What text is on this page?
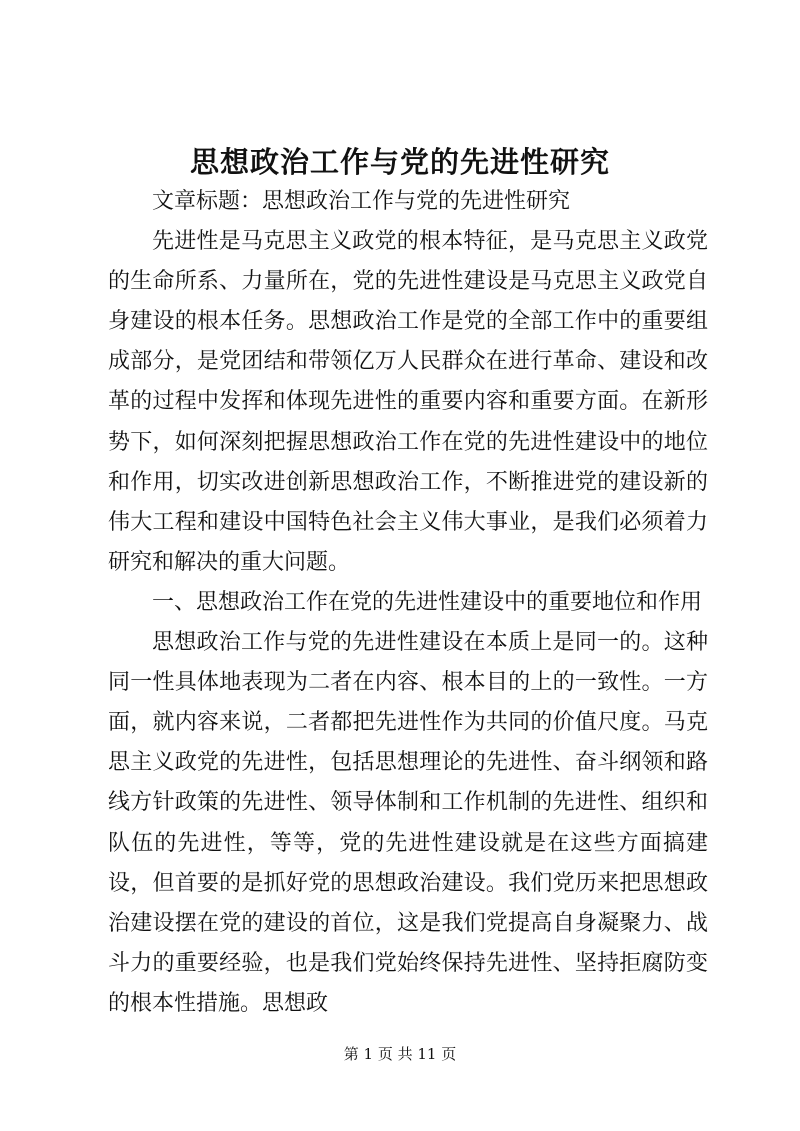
思想政治工作与党的先进性研究

文章标题：思想政治工作与党的先进性研究

先进性是马克思主义政党的根本特征，是马克思主义政党的生命所系、力量所在，党的先进性建设是马克思主义政党自身建设的根本任务。思想政治工作是党的全部工作中的重要组成部分，是党团结和带领亿万人民群众在进行革命、建设和改革的过程中发挥和体现先进性的重要内容和重要方面。在新形势下，如何深刻把握思想政治工作在党的先进性建设中的地位和作用，切实改进创新思想政治工作，不断推进党的建设新的伟大工程和建设中国特色社会主义伟大事业，是我们必须着力研究和解决的重大问题。

一、思想政治工作在党的先进性建设中的重要地位和作用

思想政治工作与党的先进性建设在本质上是同一的。这种同一性具体地表现为二者在内容、根本目的上的一致性。一方面，就内容来说，二者都把先进性作为共同的价值尺度。马克思主义政党的先进性，包括思想理论的先进性、奋斗纲领和路线方针政策的先进性、领导体制和工作机制的先进性、组织和队伍的先进性，等等，党的先进性建设就是在这些方面搞建设，但首要的是抓好党的思想政治建设。我们党历来把思想政治建设摆在党的建设的首位，这是我们党提高自身凝聚力、战斗力的重要经验，也是我们党始终保持先进性、坚持拒腐防变的根本性措施。思想政

第 1 页 共 11 页
